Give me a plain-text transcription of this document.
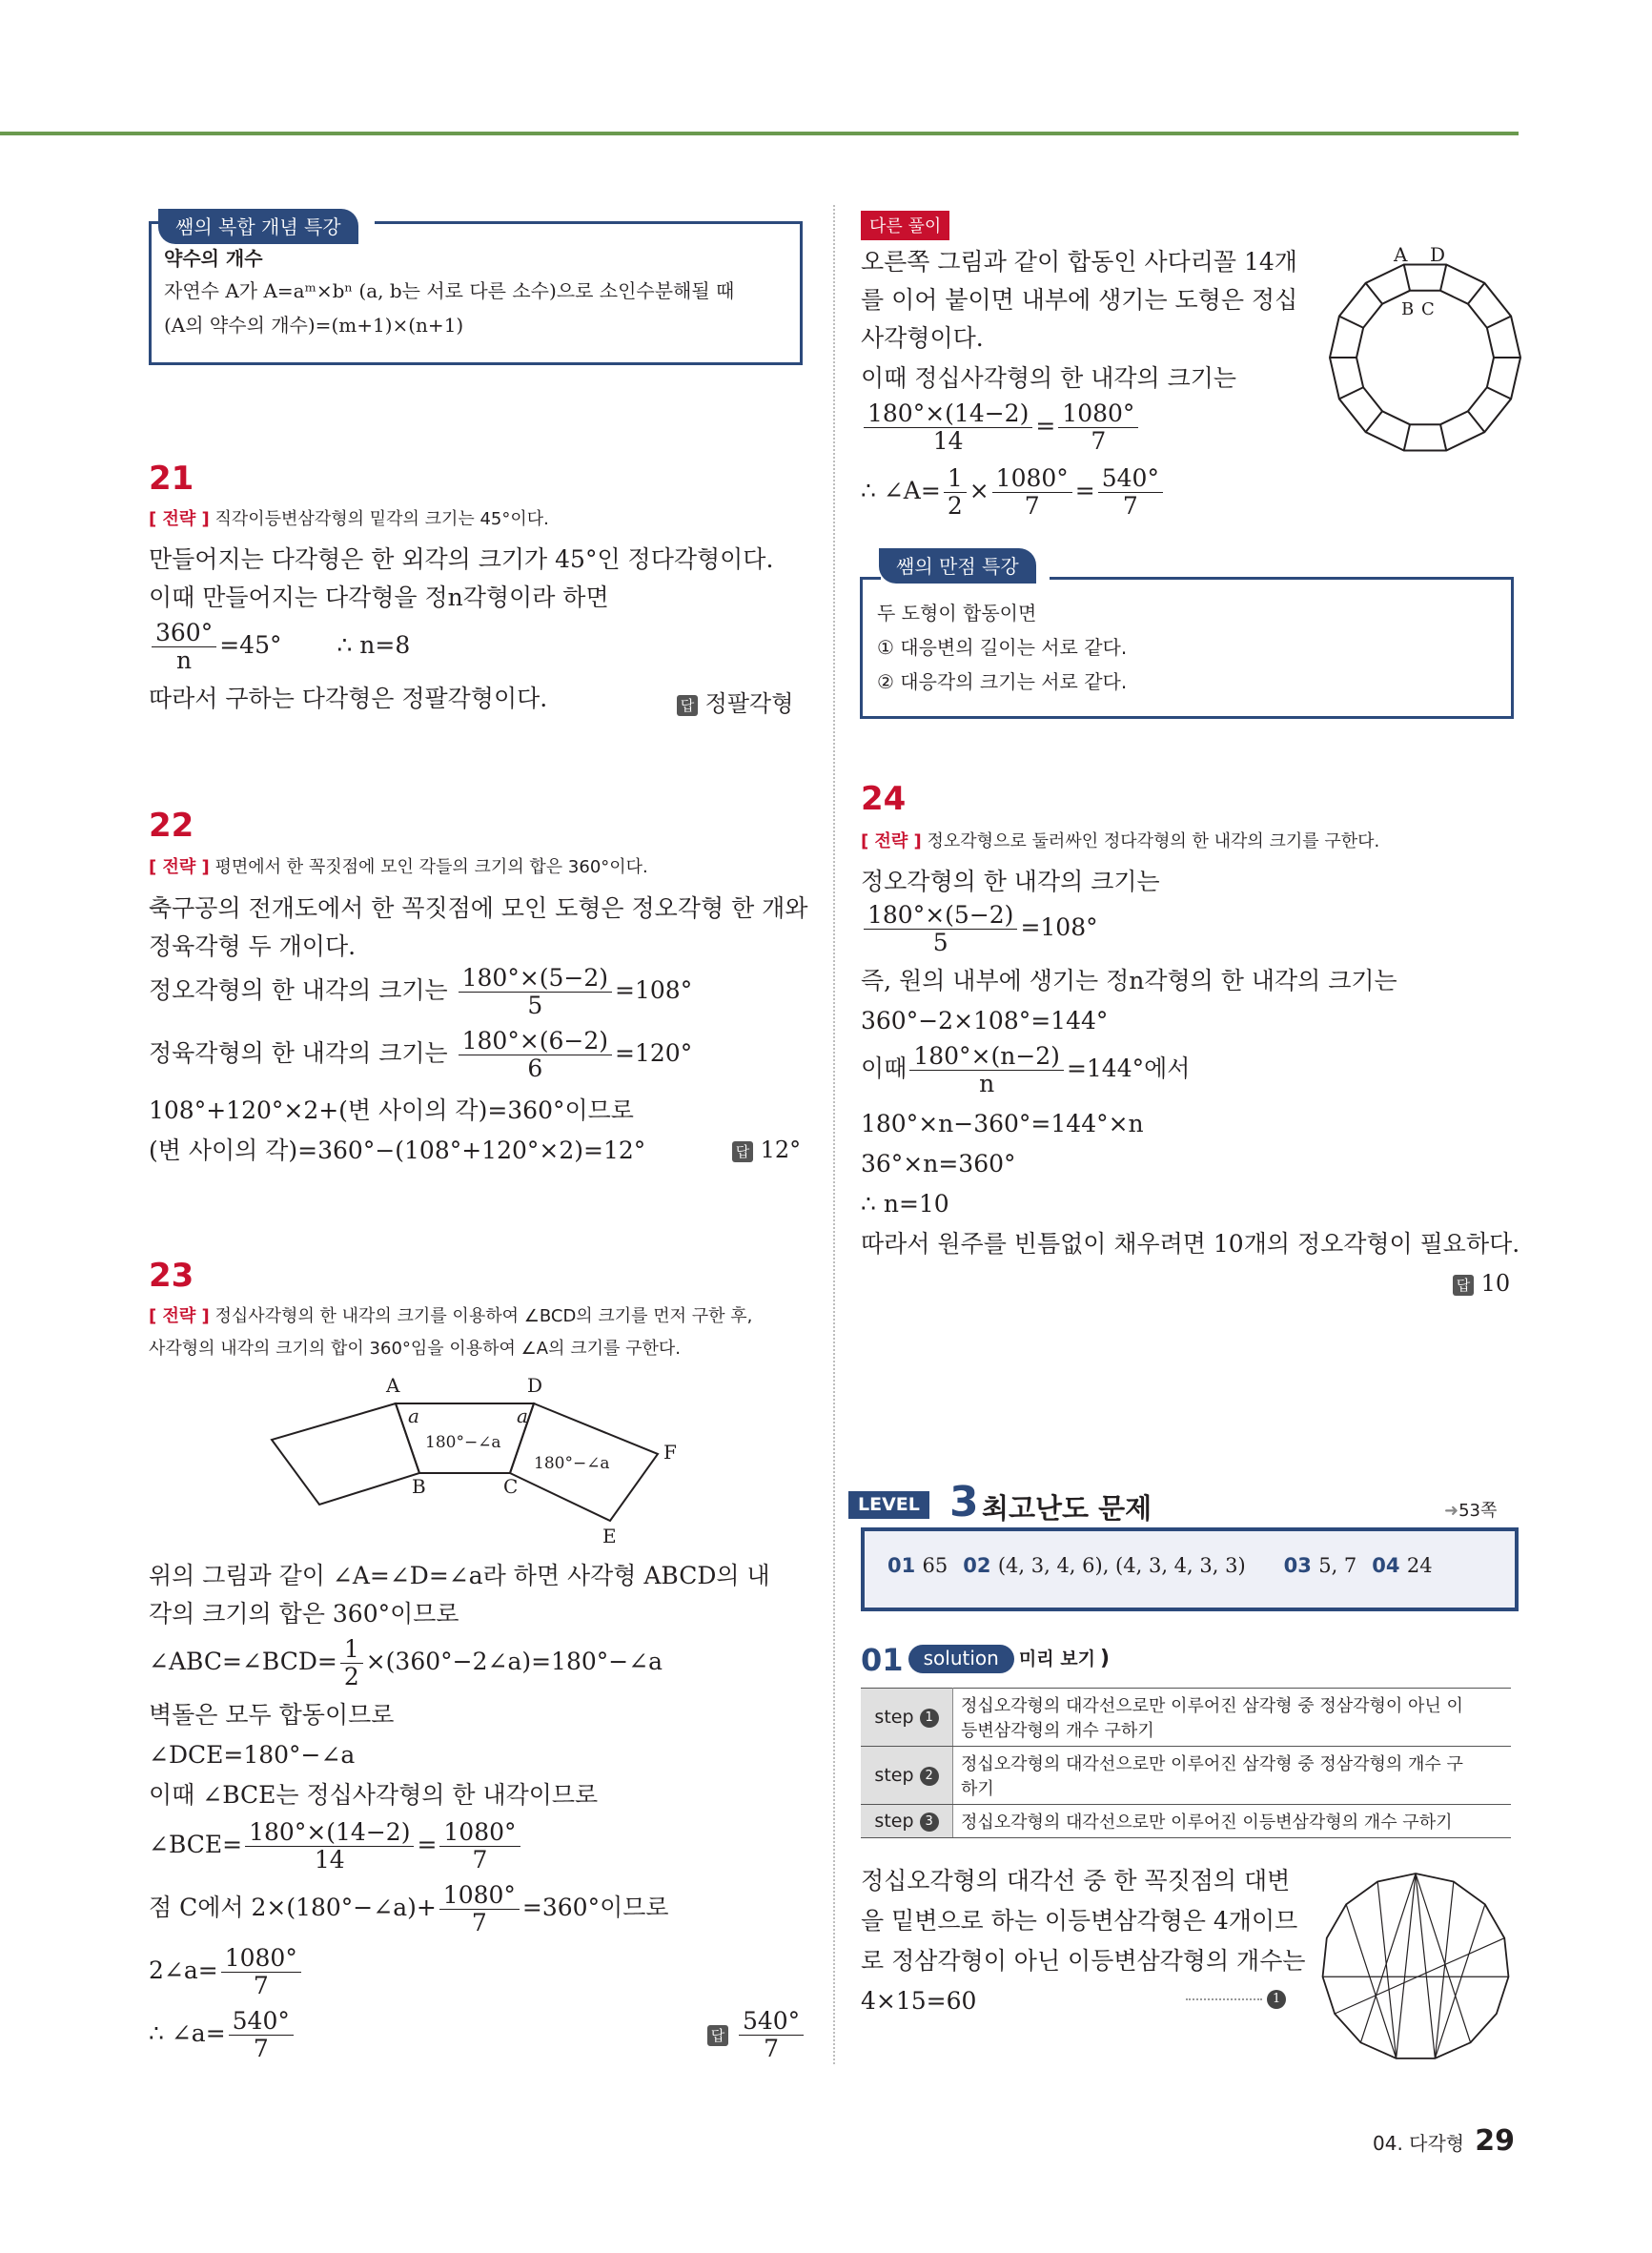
쌤의 복합 개념 특강
약수의 개수
자연수 A가 A=aᵐ×bⁿ (a, b는 서로 다른 소수)으로 소인수분해될 때
(A의 약수의 개수)=(m+1)×(n+1)
21
[ 전략 ] 직각이등변삼각형의 밑각의 크기는 45°이다.
만들어지는 다각형은 한 외각의 크기가 45°인 정다각형이다.
이때 만들어지는 다각형을 정n각형이라 하면
$\frac{360^\circ}{n} =45^\circ$ ∴ n=8
따라서 구하는 다각형은 정팔각형이다.	답 정팔각형
22
[ 전략 ] 평면에서 한 꼭짓점에 모인 각들의 크기의 합은 360°이다.
축구공의 전개도에서 한 꼭짓점에 모인 도형은 정오각형 한 개와
정육각형 두 개이다.
정오각형의 한 내각의 크기는 $\frac{180^\circ\times(5-2)}{5} =108^\circ$
정육각형의 한 내각의 크기는 $\frac{180^\circ\times(6-2)}{6} =120^\circ$
108°+120°×2+(변 사이의 각)=360°이므로
(변 사이의 각)=360°−(108°+120°×2)=12°	답 12°
23
[ 전략 ] 정십사각형의 한 내각의 크기를 이용하여 ∠BCD의 크기를 먼저 구한 후,
사각형의 내각의 크기의 합이 360°임을 이용하여 ∠A의 크기를 구한다.
A	D
B	C
E
F
a	a
180°−∠a
180°−∠a
위의 그림과 같이 ∠A=∠D=∠a라 하면 사각형 ABCD의 내
각의 크기의 합은 360°이므로
∠ABC=∠BCD= $\frac{1}{2}$ ×(360°−2∠a)=180°−∠a
벽돌은 모두 합동이므로
∠DCE=180°−∠a
이때 ∠BCE는 정십사각형의 한 내각이므로
∠BCE= $\frac{180^\circ\times(14-2)}{14} = \frac{1080^\circ}{7}$
점 C에서 2×(180°−∠a)+ $\frac{1080^\circ}{7} =360^\circ$이므로
2∠a= $\frac{1080^\circ}{7}$
∴ ∠a= $\frac{540^\circ}{7}$	답 $\frac{540^\circ}{7}$
다른 풀이
오른쪽 그림과 같이 합동인 사다리꼴 14개
를 이어 붙이면 내부에 생기는 도형은 정십
사각형이다.
이때 정십사각형의 한 내각의 크기는
$\frac{180^\circ\times(14-2)}{14} = \frac{1080^\circ}{7}$
∴ ∠A= $\frac{1}{2} \times \frac{1080^\circ}{7} = \frac{540^\circ}{7}$
A D
B C
쌤의 만점 특강
두 도형이 합동이면
① 대응변의 길이는 서로 같다.
② 대응각의 크기는 서로 같다.
24
[ 전략 ] 정오각형으로 둘러싸인 정다각형의 한 내각의 크기를 구한다.
정오각형의 한 내각의 크기는
$\frac{180^\circ\times(5-2)}{5} =108^\circ$
즉, 원의 내부에 생기는 정n각형의 한 내각의 크기는
360°−2×108°=144°
이때 $\frac{180^\circ\times(n-2)}{n} =144^\circ$에서
180°×n−360°=144°×n
36°×n=360°
∴ n=10
따라서 원주를 빈틈없이 채우려면 10개의 정오각형이 필요하다.
답 10
LEVEL 3 최고난도 문제	➜53쪽
01 65 02 (4, 3, 4, 6), (4, 3, 4, 3, 3) 03 5, 7 04 24
01 solution 미리 보기 )
step 1	정십오각형의 대각선으로만 이루어진 삼각형 중 정삼각형이 아닌 이
등변삼각형의 개수 구하기
step 2	정십오각형의 대각선으로만 이루어진 삼각형 중 정삼각형의 개수 구
하기
step 3	정십오각형의 대각선으로만 이루어진 이등변삼각형의 개수 구하기
정십오각형의 대각선 중 한 꼭짓점의 대변
을 밑변으로 하는 이등변삼각형은 4개이므
로 정삼각형이 아닌 이등변삼각형의 개수는
4×15=60	1
04. 다각형 29
